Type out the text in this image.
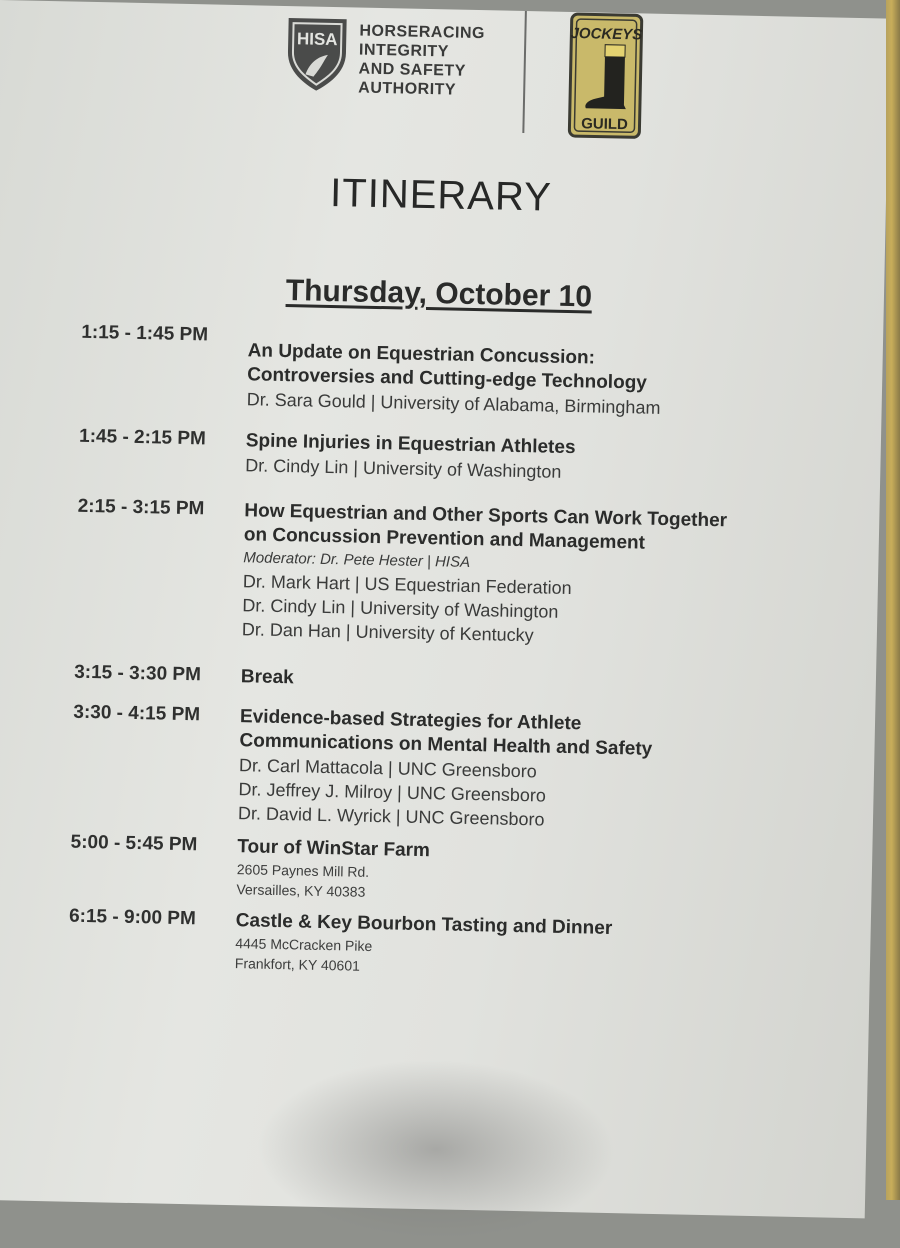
HISA HORSERACING
INTEGRITY
AND SAFETY
AUTHORITY
JOCKEYS
GUILD
ITINERARY
Thursday, October 10
1:15 - 1:45 PM
An Update on Equestrian Concussion:
Controversies and Cutting-edge Technology
Dr. Sara Gould | University of Alabama, Birmingham
1:45 - 2:15 PM Spine Injuries in Equestrian Athletes
Dr. Cindy Lin | University of Washington
2:15 - 3:15 PM How Equestrian and Other Sports Can Work Together
on Concussion Prevention and Management
Moderator: Dr. Pete Hester | HISA
Dr. Mark Hart | US Equestrian Federation
Dr. Cindy Lin | University of Washington
Dr. Dan Han | University of Kentucky
3:15 - 3:30 PM Break
3:30 - 4:15 PM Evidence-based Strategies for Athlete
Communications on Mental Health and Safety
Dr. Carl Mattacola | UNC Greensboro
Dr. Jeffrey J. Milroy | UNC Greensboro
Dr. David L. Wyrick | UNC Greensboro
5:00 - 5:45 PM Tour of WinStar Farm
2605 Paynes Mill Rd.
Versailles, KY 40383
6:15 - 9:00 PM Castle & Key Bourbon Tasting and Dinner
4445 McCracken Pike
Frankfort, KY 40601
